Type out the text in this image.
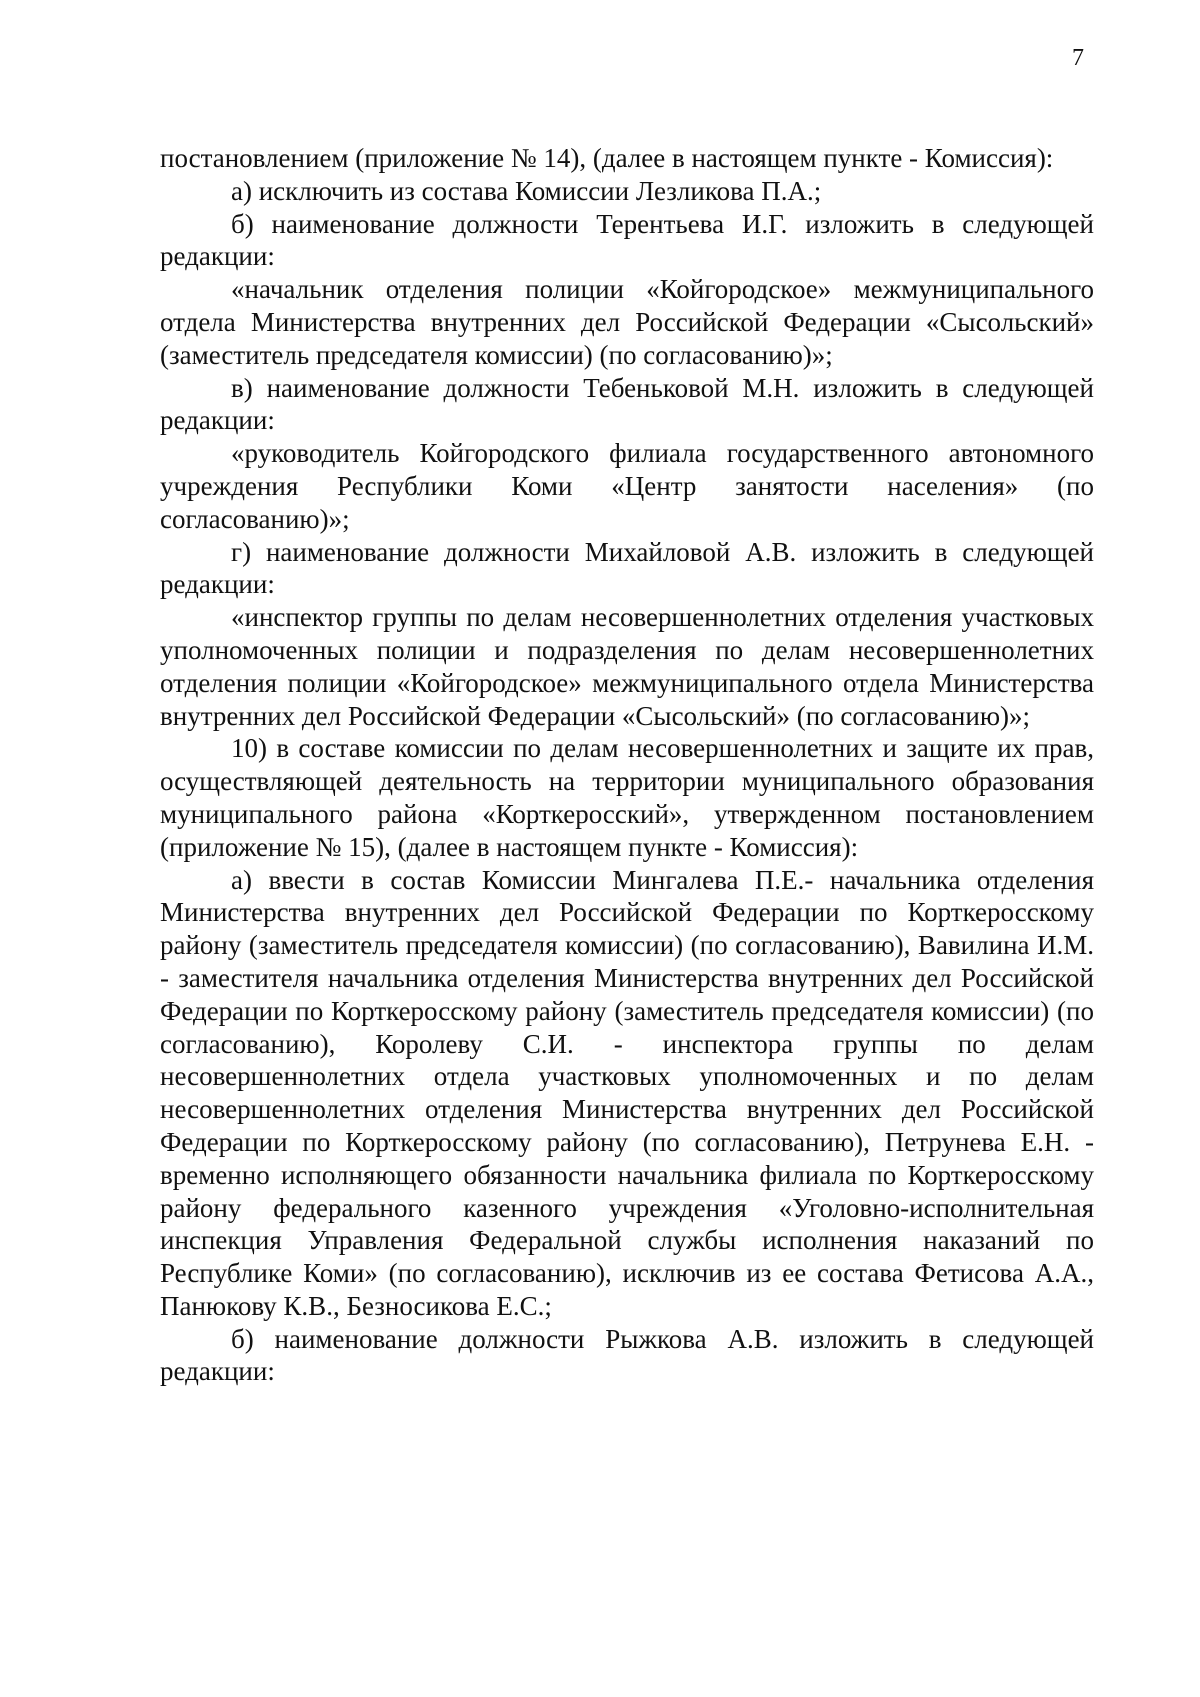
7

постановлением (приложение № 14), (далее в настоящем пункте - Комиссия):

а) исключить из состава Комиссии Лезликова П.А.;

б) наименование должности Терентьева И.Г. изложить в следующей редакции:

«начальник отделения полиции «Койгородское» межмуниципального отдела Министерства внутренних дел Российской Федерации «Сысольский» (заместитель председателя комиссии) (по согласованию)»;

в) наименование должности Тебеньковой М.Н. изложить в следующей редакции:

«руководитель Койгородского филиала государственного автономного учреждения Республики Коми «Центр занятости населения» (по согласованию)»;

г) наименование должности Михайловой А.В. изложить в следующей редакции:

«инспектор группы по делам несовершеннолетних отделения участковых уполномоченных полиции и подразделения по делам несовершеннолетних отделения полиции «Койгородское» межмуниципального отдела Министерства внутренних дел Российской Федерации «Сысольский» (по согласованию)»;

10) в составе комиссии по делам несовершеннолетних и защите их прав, осуществляющей деятельность на территории муниципального образования муниципального района «Корткеросский», утвержденном постановлением (приложение № 15), (далее в настоящем пункте - Комиссия):

а) ввести в состав Комиссии Мингалева П.Е.- начальника отделения Министерства внутренних дел Российской Федерации по Корткеросскому району (заместитель председателя комиссии) (по согласованию), Вавилина И.М. - заместителя начальника отделения Министерства внутренних дел Российской Федерации по Корткеросскому району (заместитель председателя комиссии) (по согласованию), Королеву С.И. - инспектора группы по делам несовершеннолетних отдела участковых уполномоченных и по делам несовершеннолетних отделения Министерства внутренних дел Российской Федерации по Корткеросскому району (по согласованию), Петрунева Е.Н. - временно исполняющего обязанности начальника филиала по Корткеросскому району федерального казенного учреждения «Уголовно-исполнительная инспекция Управления Федеральной службы исполнения наказаний по Республике Коми» (по согласованию), исключив из ее состава Фетисова А.А., Панюкову К.В., Безносикова Е.С.;

б) наименование должности Рыжкова А.В. изложить в следующей редакции:
